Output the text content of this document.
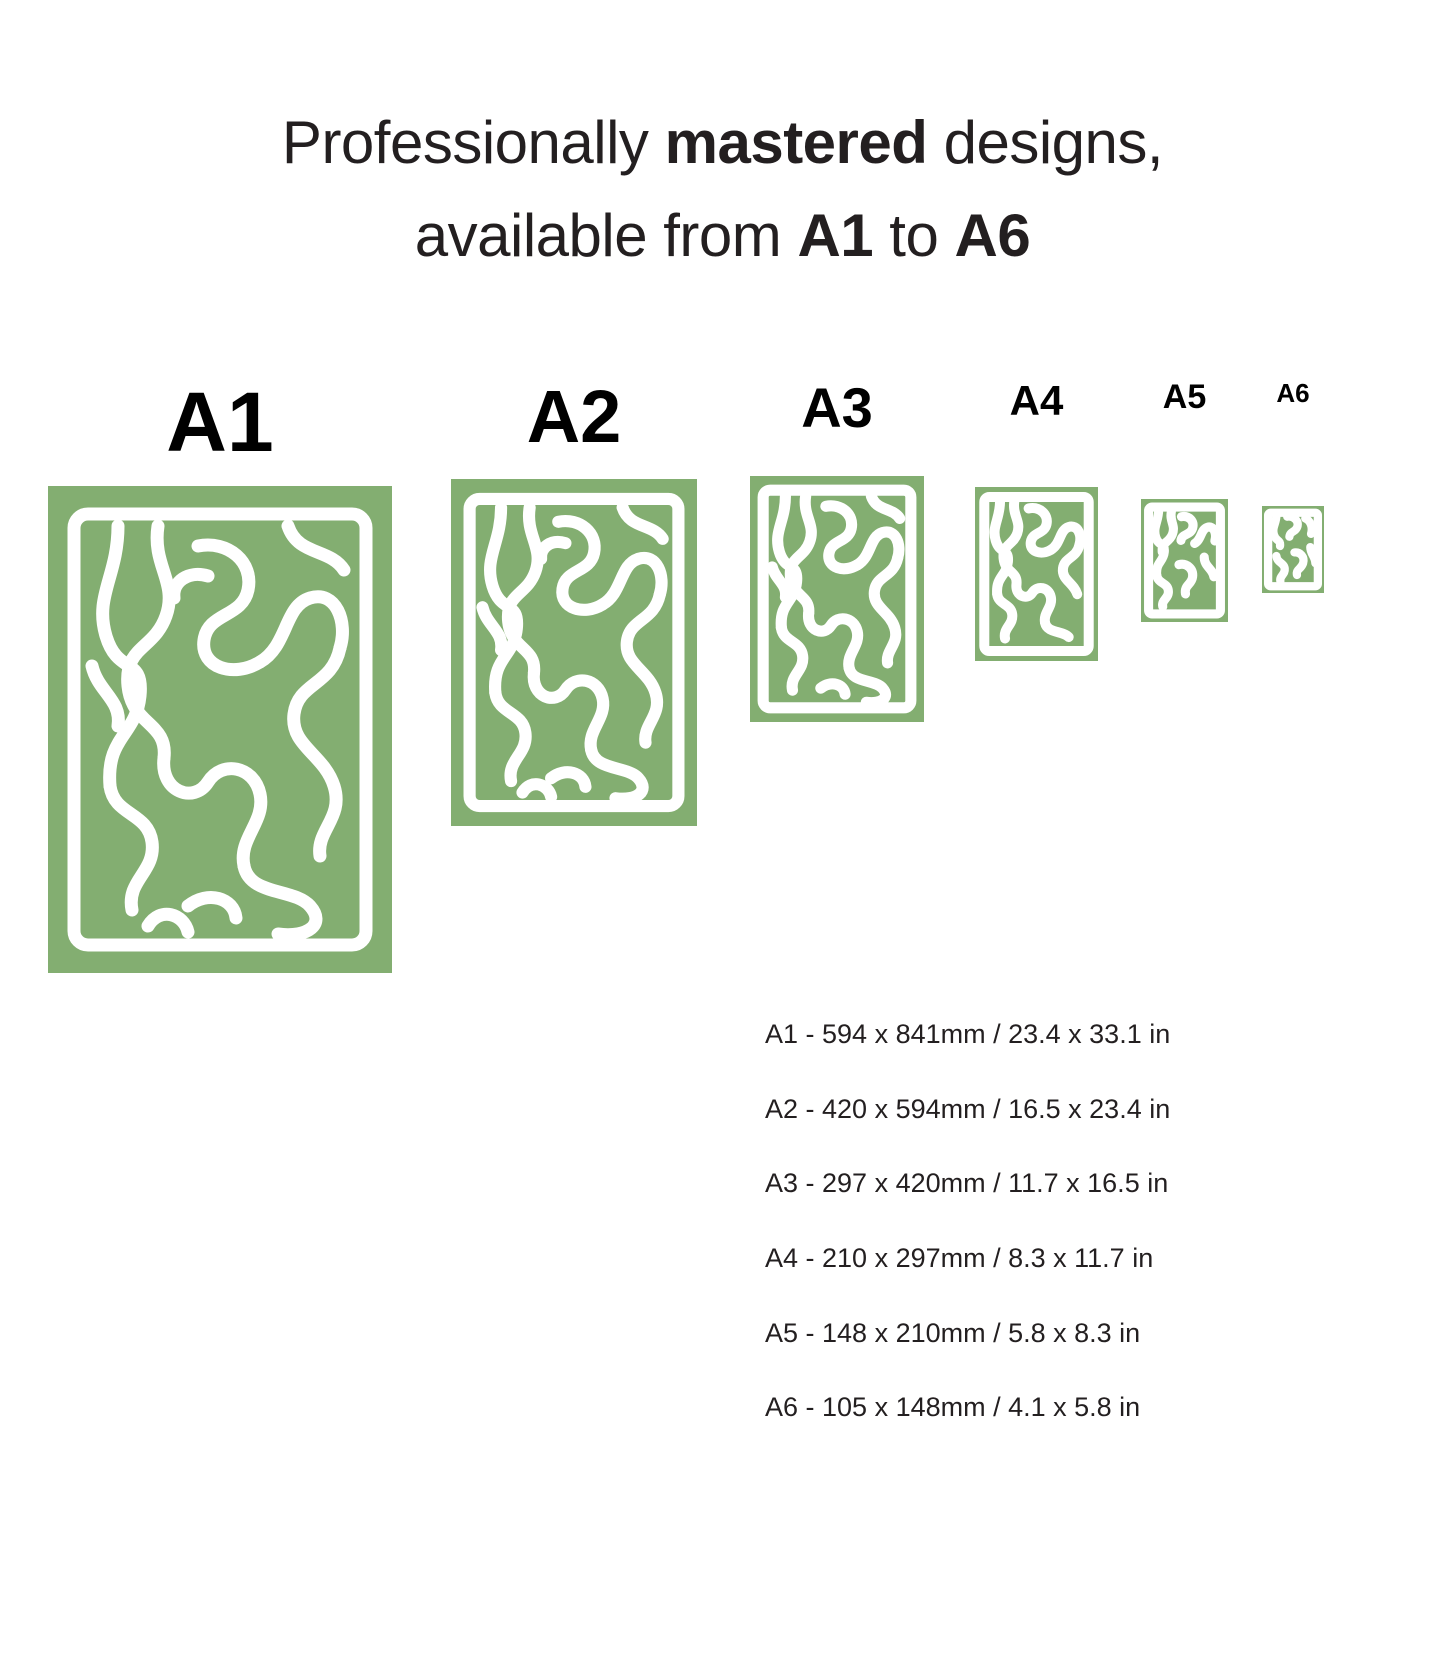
Professionally mastered designs,
available from A1 to A6
A1	A2	A3	A4	A5	A6
A1 - 594 x 841mm / 23.4 x 33.1 in
A2 - 420 x 594mm / 16.5 x 23.4 in
A3 - 297 x 420mm / 11.7 x 16.5 in
A4 - 210 x 297mm / 8.3 x 11.7 in
A5 - 148 x 210mm / 5.8 x 8.3 in
A6 - 105 x 148mm / 4.1 x 5.8 in
